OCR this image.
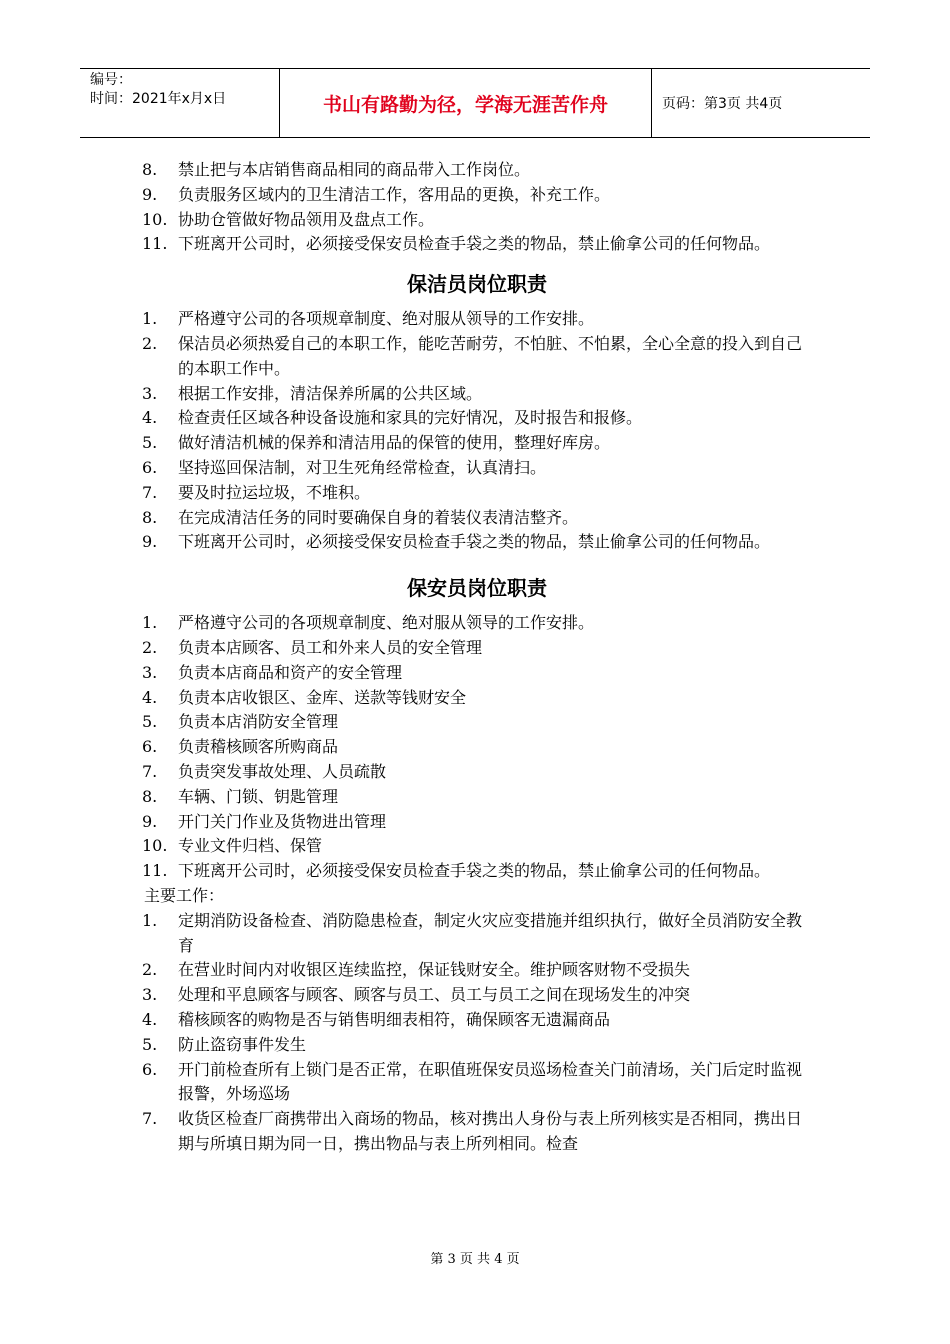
编号：
时间：2021年x月x日	书山有路勤为径，学海无涯苦作舟	页码：第3页 共4页
8. 禁止把与本店销售商品相同的商品带入工作岗位。
9. 负责服务区域内的卫生清洁工作，客用品的更换，补充工作。
10. 协助仓管做好物品领用及盘点工作。
11. 下班离开公司时，必须接受保安员检查手袋之类的物品，禁止偷拿公司的任何物品。
保洁员岗位职责
1. 严格遵守公司的各项规章制度、绝对服从领导的工作安排。
2. 保洁员必须热爱自己的本职工作，能吃苦耐劳，不怕脏、不怕累，全心全意的投入到自己的本职工作中。
3. 根据工作安排，清洁保养所属的公共区域。
4. 检查责任区域各种设备设施和家具的完好情况，及时报告和报修。
5. 做好清洁机械的保养和清洁用品的保管的使用，整理好库房。
6. 坚持巡回保洁制，对卫生死角经常检查，认真清扫。
7. 要及时拉运垃圾，不堆积。
8. 在完成清洁任务的同时要确保自身的着装仪表清洁整齐。
9. 下班离开公司时，必须接受保安员检查手袋之类的物品，禁止偷拿公司的任何物品。
保安员岗位职责
1. 严格遵守公司的各项规章制度、绝对服从领导的工作安排。
2. 负责本店顾客、员工和外来人员的安全管理
3. 负责本店商品和资产的安全管理
4. 负责本店收银区、金库、送款等钱财安全
5. 负责本店消防安全管理
6. 负责稽核顾客所购商品
7. 负责突发事故处理、人员疏散
8. 车辆、门锁、钥匙管理
9. 开门关门作业及货物进出管理
10. 专业文件归档、保管
11. 下班离开公司时，必须接受保安员检查手袋之类的物品，禁止偷拿公司的任何物品。
主要工作：
1. 定期消防设备检查、消防隐患检查，制定火灾应变措施并组织执行，做好全员消防安全教育
2. 在营业时间内对收银区连续监控，保证钱财安全。维护顾客财物不受损失
3. 处理和平息顾客与顾客、顾客与员工、员工与员工之间在现场发生的冲突
4. 稽核顾客的购物是否与销售明细表相符，确保顾客无遗漏商品
5. 防止盗窃事件发生
6. 开门前检查所有上锁门是否正常，在职值班保安员巡场检查关门前清场，关门后定时监视报警，外场巡场
7. 收货区检查厂商携带出入商场的物品，核对携出人身份与表上所列核实是否相同，携出日期与所填日期为同一日，携出物品与表上所列相同。检查
第 3 页 共 4 页
